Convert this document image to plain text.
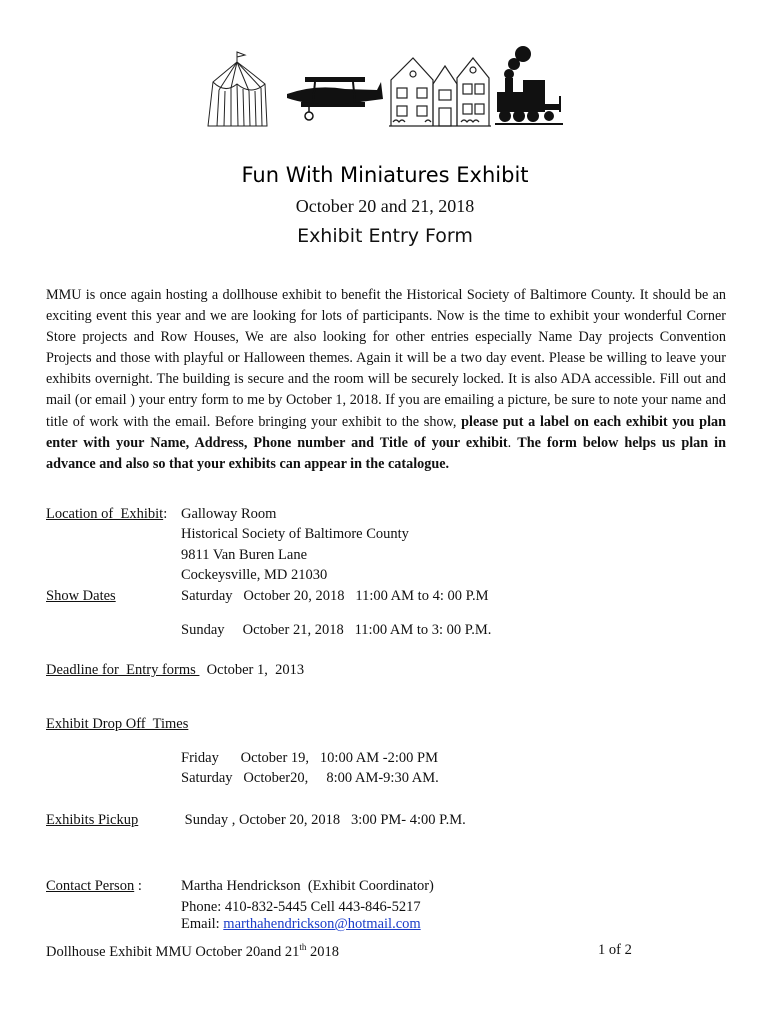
Fun With Miniatures Exhibit
October 20 and 21, 2018
Exhibit Entry Form

MMU is once again hosting a dollhouse exhibit to benefit the Historical Society of Baltimore County. It should be an exciting event this year and we are looking for lots of participants. Now is the time to exhibit your wonderful Corner Store projects and Row Houses, We are also looking for other entries especially Name Day projects Convention Projects and those with playful or Halloween themes. Again it will be a two day event. Please be willing to leave your exhibits overnight. The building is secure and the room will be securely locked. It is also ADA accessible. Fill out and mail (or email ) your entry form to me by October 1, 2018. If you are emailing a picture, be sure to note your name and title of work with the email. Before bringing your exhibit to the show, please put a label on each exhibit you plan enter with your Name, Address, Phone number and Title of your exhibit. The form below helps us plan in advance and also so that your exhibits can appear in the catalogue.

Location of  Exhibit: Galloway Room
Historical Society of Baltimore County
9811 Van Buren Lane
Cockeysville, MD 21030
Show Dates	Saturday   October 20, 2018   11:00 AM to 4: 00 P.M
Sunday     October 21, 2018   11:00 AM to 3: 00 P.M.
Deadline for  Entry forms   October 1,  2013
Exhibit Drop Off  Times
Friday      October 19,   10:00 AM -2:00 PM
Saturday   October20,     8:00 AM-9:30 AM.
Exhibits Pickup	Sunday , October 20, 2018   3:00 PM- 4:00 P.M.
Contact Person :	Martha Hendrickson  (Exhibit Coordinator)
Phone: 410-832-5445 Cell 443-846-5217
Email: marthahendrickson@hotmail.com
Dollhouse Exhibit MMU October 20and 21th 2018	1 of 2
